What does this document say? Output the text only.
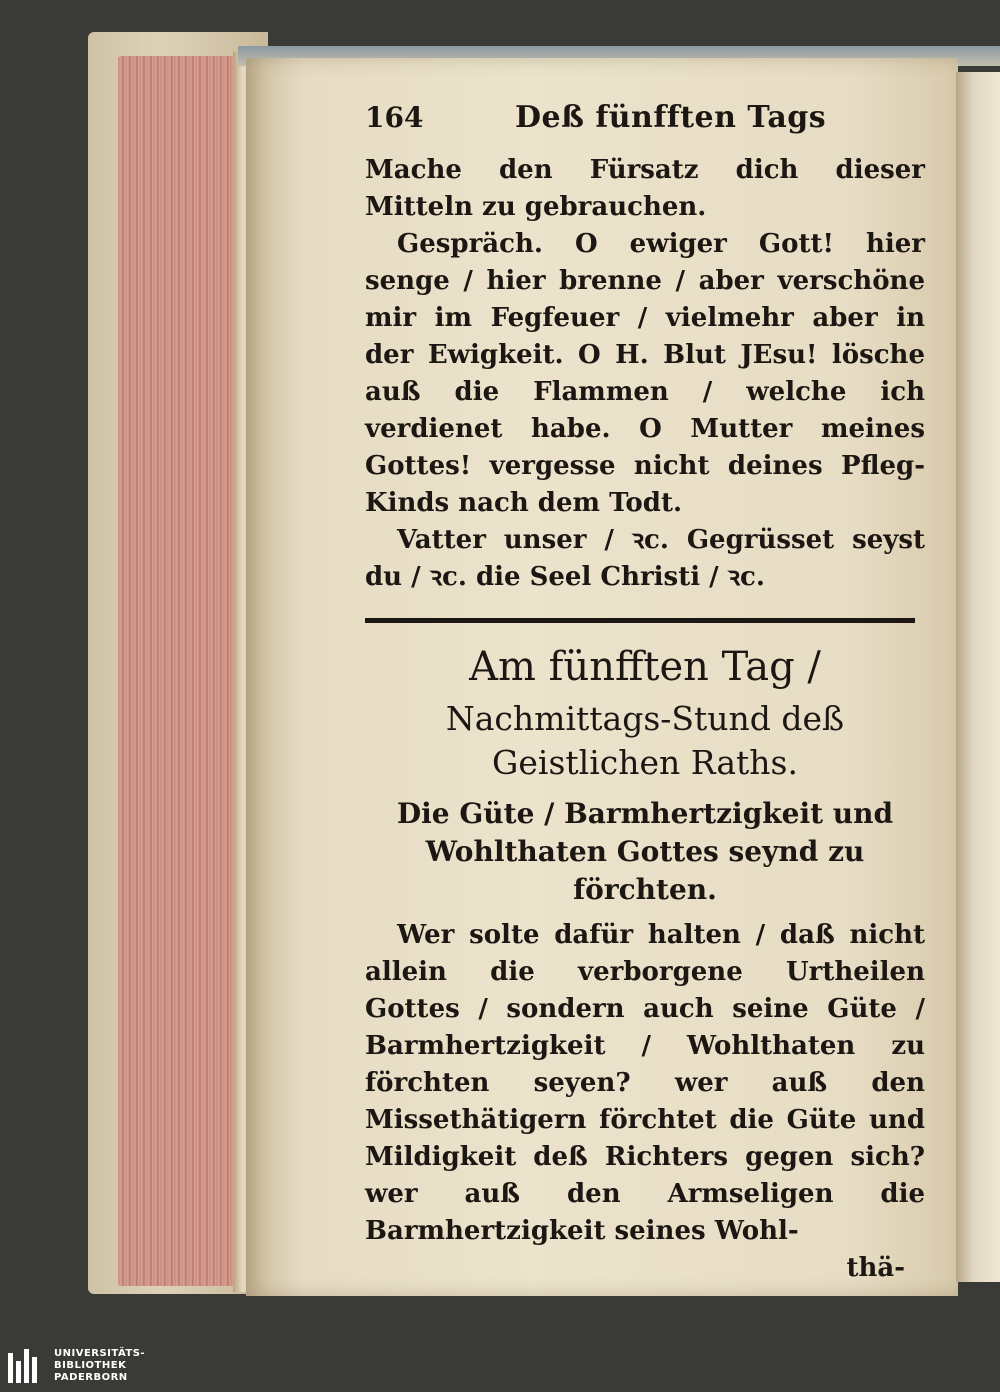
164	Deß fünfften Tags

Mache den Fürsatz dich dieser Mitteln zu gebrauchen.

Gespräch. O ewiger Gott! hier senge / hier brenne / aber verschöne mir im Fegfeuer / vielmehr aber in der Ewigkeit. O H. Blut JEsu! lösche auß die Flammen / welche ich verdienet habe. O Mutter meines Gottes! vergesse nicht deines Pfleg-Kinds nach dem Todt.

Vatter unser / ꝛc. Gegrüsset seyst du / ꝛc. die Seel Christi / ꝛc.

Am fünfften Tag /
Nachmittags-Stund deß Geistlichen Raths.
Die Güte / Barmhertzigkeit und Wohlthaten Gottes seynd zu förchten.

Wer solte dafür halten / daß nicht allein die verborgene Urtheilen Gottes / sondern auch seine Güte / Barmhertzigkeit / Wohlthaten zu förchten seyen? wer auß den Missethätigern förchtet die Güte und Mildigkeit deß Richters gegen sich? wer auß den Armseligen die Barmhertzigkeit seines Wohl-

thä-
UNIVERSITÄTS-
BIBLIOTHEK
PADERBORN
